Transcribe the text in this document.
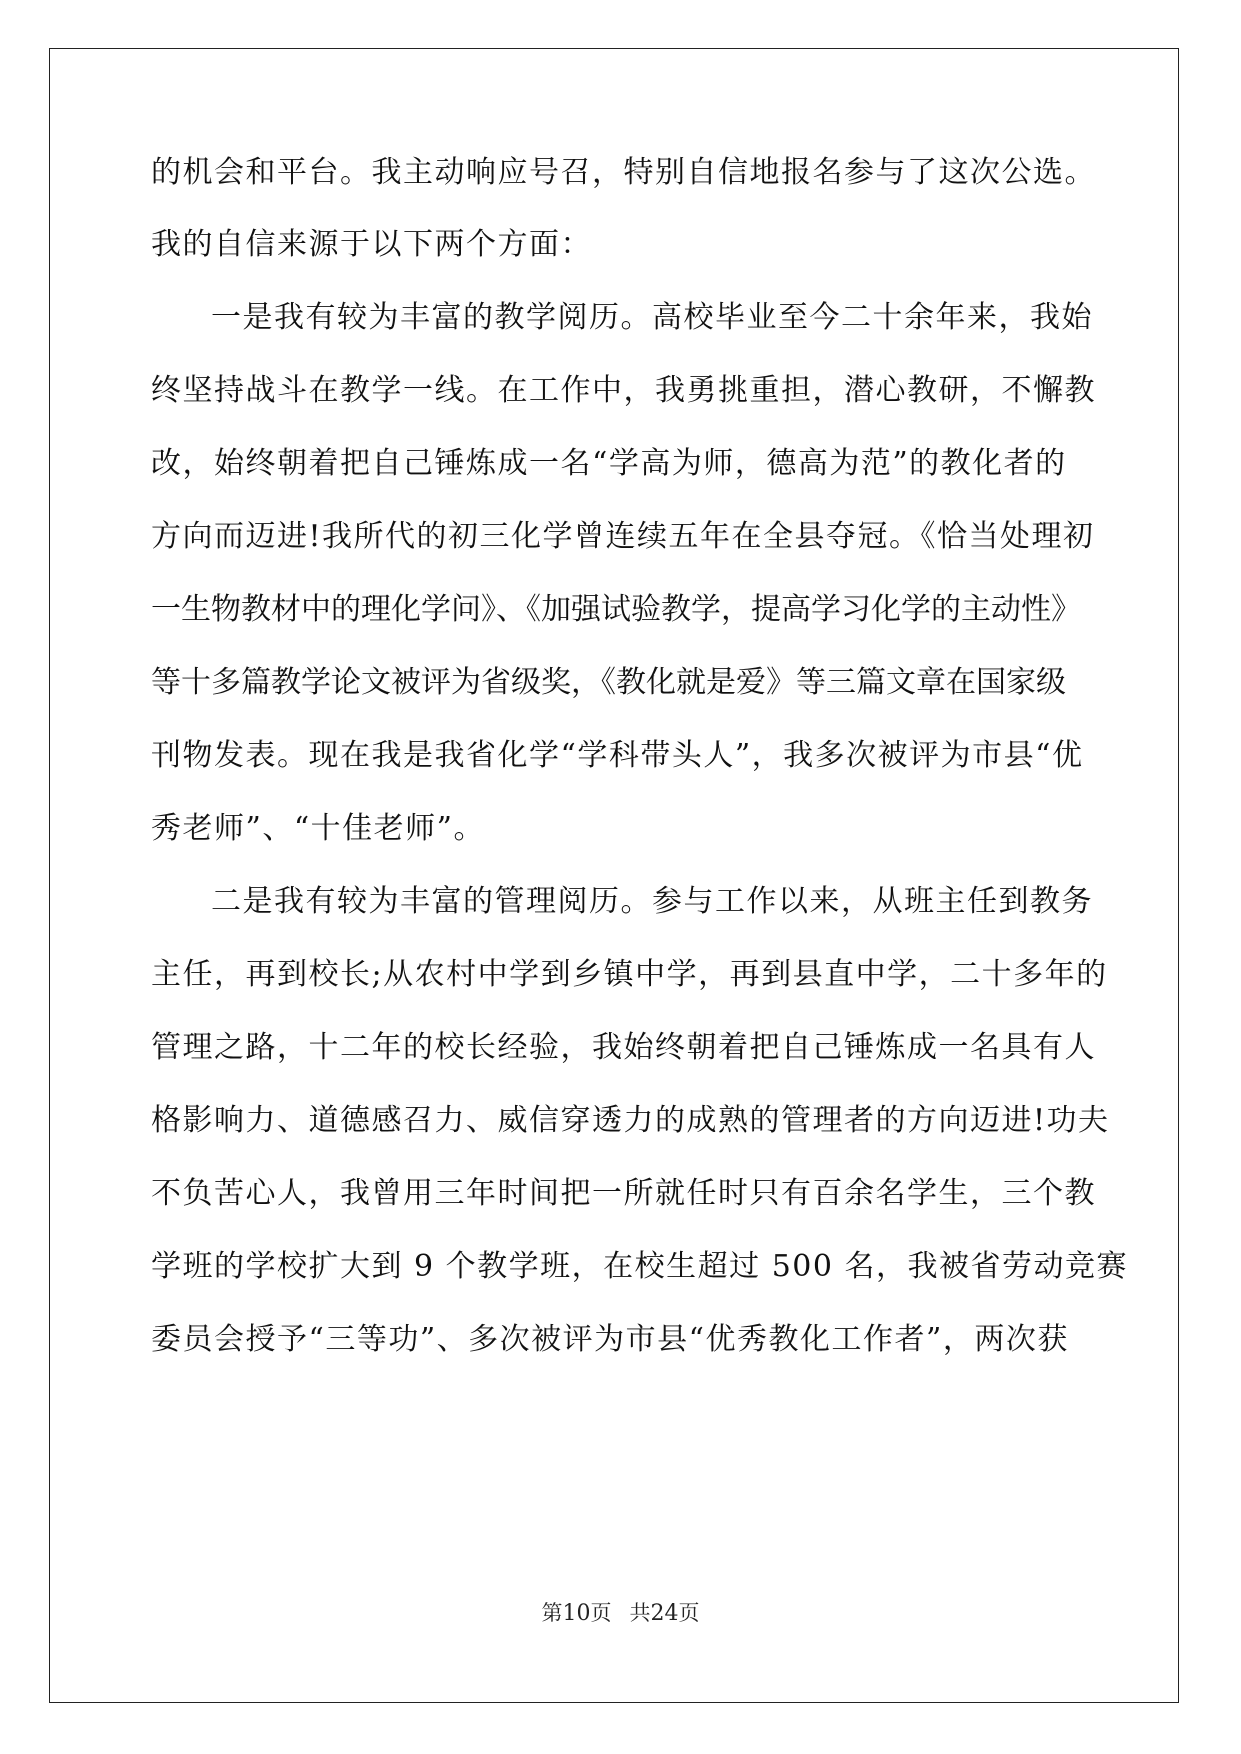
的机会和平台。我主动响应号召，特别自信地报名参与了这次公选。
我的自信来源于以下两个方面：
一是我有较为丰富的教学阅历。高校毕业至今二十余年来，我始
终坚持战斗在教学一线。在工作中，我勇挑重担，潜心教研，不懈教
改，始终朝着把自己锤炼成一名“学高为师，德高为范”的教化者的
方向而迈进!我所代的初三化学曾连续五年在全县夺冠。《恰当处理初
一生物教材中的理化学问》、《加强试验教学，提高学习化学的主动性》
等十多篇教学论文被评为省级奖，《教化就是爱》等三篇文章在国家级
刊物发表。现在我是我省化学“学科带头人”，我多次被评为市县“优
秀老师”、“十佳老师”。
二是我有较为丰富的管理阅历。参与工作以来，从班主任到教务
主任，再到校长;从农村中学到乡镇中学，再到县直中学，二十多年的
管理之路，十二年的校长经验，我始终朝着把自己锤炼成一名具有人
格影响力、道德感召力、威信穿透力的成熟的管理者的方向迈进!功夫
不负苦心人，我曾用三年时间把一所就任时只有百余名学生，三个教
学班的学校扩大到 9 个教学班，在校生超过 500 名，我被省劳动竞赛
委员会授予“三等功”、多次被评为市县“优秀教化工作者”，两次获
第10页 共24页
